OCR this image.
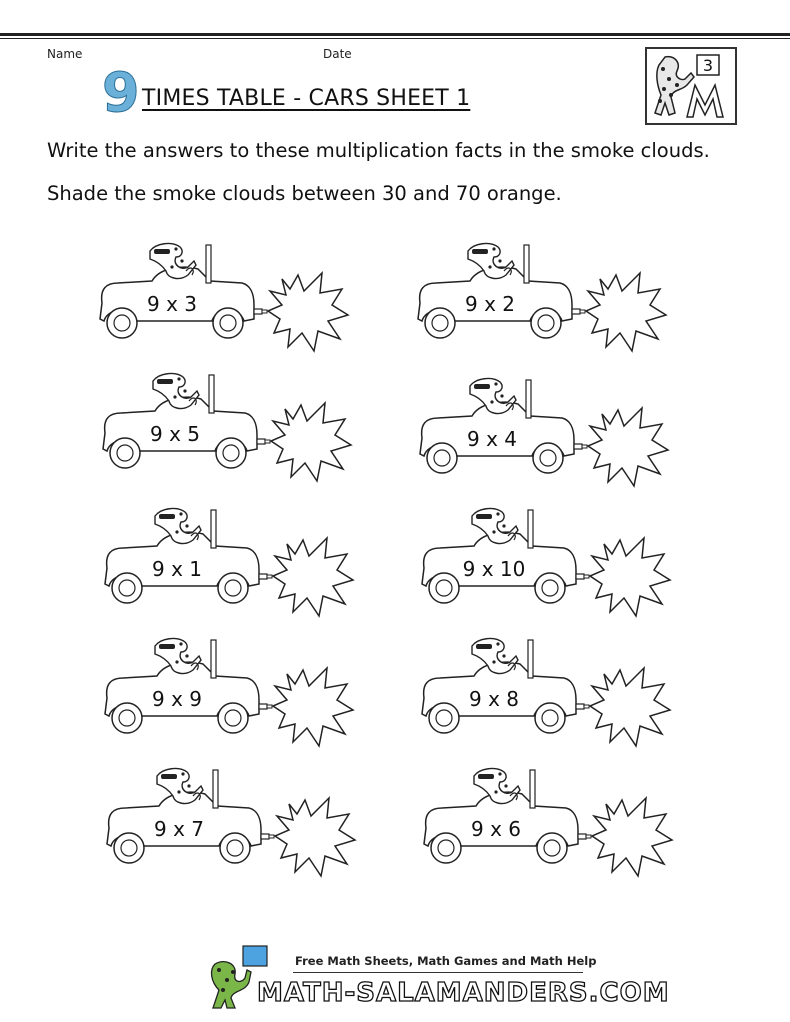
Name	Date
9 TIMES TABLE - CARS SHEET 1
3
Write the answers to these multiplication facts in the smoke clouds.
Shade the smoke clouds between 30 and 70 orange.
9 x 3	9 x 2
9 x 5	9 x 4
9 x 1	9 x 10
9 x 9	9 x 8
9 x 7	9 x 6
Free Math Sheets, Math Games and Math Help
MATH-SALAMANDERS.COM
